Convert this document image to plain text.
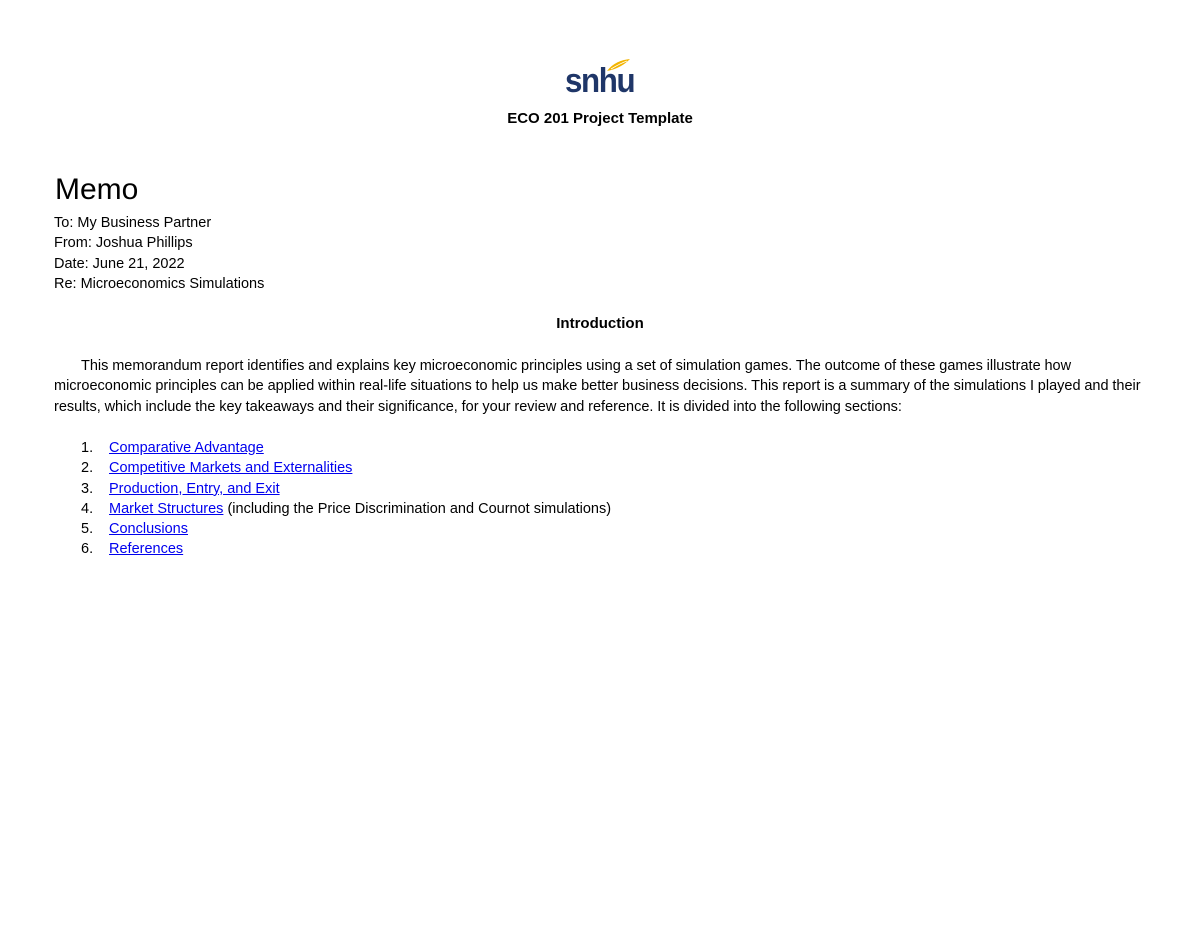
snhu
ECO 201 Project Template
Memo
To: My Business Partner
From: Joshua Phillips
Date: June 21, 2022
Re: Microeconomics Simulations
Introduction
This memorandum report identifies and explains key microeconomic principles using a set of simulation games. The outcome of these games illustrate how microeconomic principles can be applied within real-life situations to help us make better business decisions. This report is a summary of the simulations I played and their results, which include the key takeaways and their significance, for your review and reference. It is divided into the following sections:
1.	Comparative Advantage
2.	Competitive Markets and Externalities
3.	Production, Entry, and Exit
4.	Market Structures (including the Price Discrimination and Cournot simulations)
5.	Conclusions
6.	References
